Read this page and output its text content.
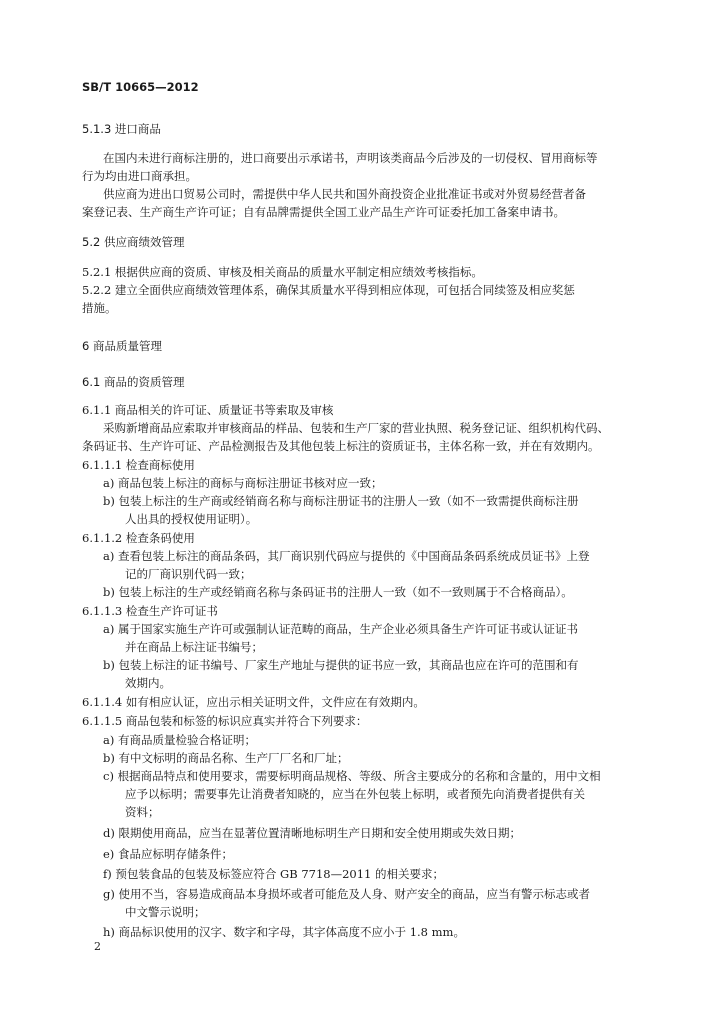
SB/T 10665—2012
5.1.3 进口商品
在国内未进行商标注册的，进口商要出示承诺书，声明该类商品今后涉及的一切侵权、冒用商标等
行为均由进口商承担。
供应商为进出口贸易公司时，需提供中华人民共和国外商投资企业批准证书或对外贸易经营者备
案登记表、生产商生产许可证；自有品牌需提供全国工业产品生产许可证委托加工备案申请书。
5.2 供应商绩效管理
5.2.1 根据供应商的资质、审核及相关商品的质量水平制定相应绩效考核指标。
5.2.2 建立全面供应商绩效管理体系，确保其质量水平得到相应体现，可包括合同续签及相应奖惩
措施。
6 商品质量管理
6.1 商品的资质管理
6.1.1 商品相关的许可证、质量证书等索取及审核
采购新增商品应索取并审核商品的样品、包装和生产厂家的营业执照、税务登记证、组织机构代码、
条码证书、生产许可证、产品检测报告及其他包装上标注的资质证书，主体名称一致，并在有效期内。
6.1.1.1 检查商标使用
a) 商品包装上标注的商标与商标注册证书核对应一致；
b) 包装上标注的生产商或经销商名称与商标注册证书的注册人一致（如不一致需提供商标注册
人出具的授权使用证明）。
6.1.1.2 检查条码使用
a) 查看包装上标注的商品条码，其厂商识别代码应与提供的《中国商品条码系统成员证书》上登
记的厂商识别代码一致；
b) 包装上标注的生产或经销商名称与条码证书的注册人一致（如不一致则属于不合格商品）。
6.1.1.3 检查生产许可证书
a) 属于国家实施生产许可或强制认证范畴的商品，生产企业必须具备生产许可证书或认证证书
并在商品上标注证书编号；
b) 包装上标注的证书编号、厂家生产地址与提供的证书应一致，其商品也应在许可的范围和有
效期内。
6.1.1.4 如有相应认证，应出示相关证明文件，文件应在有效期内。
6.1.1.5 商品包装和标签的标识应真实并符合下列要求：
a) 有商品质量检验合格证明；
b) 有中文标明的商品名称、生产厂厂名和厂址；
c) 根据商品特点和使用要求，需要标明商品规格、等级、所含主要成分的名称和含量的，用中文相
应予以标明；需要事先让消费者知晓的，应当在外包装上标明，或者预先向消费者提供有关
资料；
d) 限期使用商品，应当在显著位置清晰地标明生产日期和安全使用期或失效日期；
e) 食品应标明存储条件；
f) 预包装食品的包装及标签应符合 GB 7718—2011 的相关要求；
g) 使用不当，容易造成商品本身损坏或者可能危及人身、财产安全的商品，应当有警示标志或者
中文警示说明；
h) 商品标识使用的汉字、数字和字母，其字体高度不应小于 1.8 mm。
2
